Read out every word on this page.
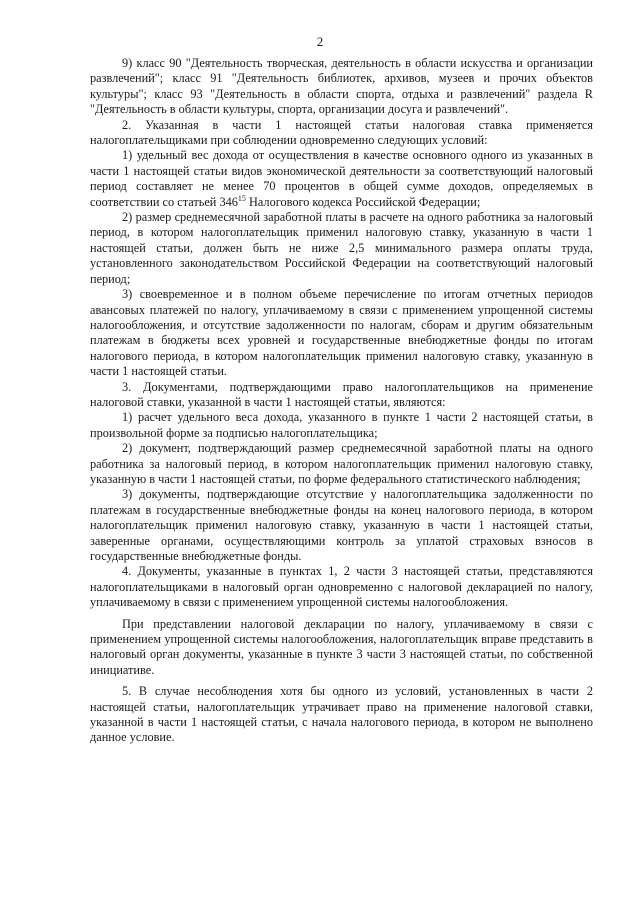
2

9) класс 90 "Деятельность творческая, деятельность в области искусства и организации развлечений"; класс 91 "Деятельность библиотек, архивов, музеев и прочих объектов культуры"; класс 93 "Деятельность в области спорта, отдыха и развлечений" раздела R "Деятельность в области культуры, спорта, организации досуга и развлечений".

2. Указанная в части 1 настоящей статьи налоговая ставка применяется налогоплательщиками при соблюдении одновременно следующих условий:

1) удельный вес дохода от осуществления в качестве основного одного из указанных в части 1 настоящей статьи видов экономической деятельности за соответствующий налоговый период составляет не менее 70 процентов в общей сумме доходов, определяемых в соответствии со статьей $346^{15}$ Налогового кодекса Российской Федерации;

2) размер среднемесячной заработной платы в расчете на одного работника за налоговый период, в котором налогоплательщик применил налоговую ставку, указанную в части 1 настоящей статьи, должен быть не ниже 2,5 минимального размера оплаты труда, установленного законодательством Российской Федерации на соответствующий налоговый период;

3) своевременное и в полном объеме перечисление по итогам отчетных периодов авансовых платежей по налогу, уплачиваемому в связи с применением упрощенной системы налогообложения, и отсутствие задолженности по налогам, сборам и другим обязательным платежам в бюджеты всех уровней и государственные внебюджетные фонды по итогам налогового периода, в котором налогоплательщик применил налоговую ставку, указанную в части 1 настоящей статьи.

3. Документами, подтверждающими право налогоплательщиков на применение налоговой ставки, указанной в части 1 настоящей статьи, являются:

1) расчет удельного веса дохода, указанного в пункте 1 части 2 настоящей статьи, в произвольной форме за подписью налогоплательщика;

2) документ, подтверждающий размер среднемесячной заработной платы на одного работника за налоговый период, в котором налогоплательщик применил налоговую ставку, указанную в части 1 настоящей статьи, по форме федерального статистического наблюдения;

3) документы, подтверждающие отсутствие у налогоплательщика задолженности по платежам в государственные внебюджетные фонды на конец налогового периода, в котором налогоплательщик применил налоговую ставку, указанную в части 1 настоящей статьи, заверенные органами, осуществляющими контроль за уплатой страховых взносов в государственные внебюджетные фонды.

4. Документы, указанные в пунктах 1, 2 части 3 настоящей статьи, представляются налогоплательщиками в налоговый орган одновременно с налоговой декларацией по налогу, уплачиваемому в связи с применением упрощенной системы налогообложения.

При представлении налоговой декларации по налогу, уплачиваемому в связи с применением упрощенной системы налогообложения, налогоплательщик вправе представить в налоговый орган документы, указанные в пункте 3 части 3 настоящей статьи, по собственной инициативе.

5. В случае несоблюдения хотя бы одного из условий, установленных в части 2 настоящей статьи, налогоплательщик утрачивает право на применение налоговой ставки, указанной в части 1 настоящей статьи, с начала налогового периода, в котором не выполнено данное условие.
